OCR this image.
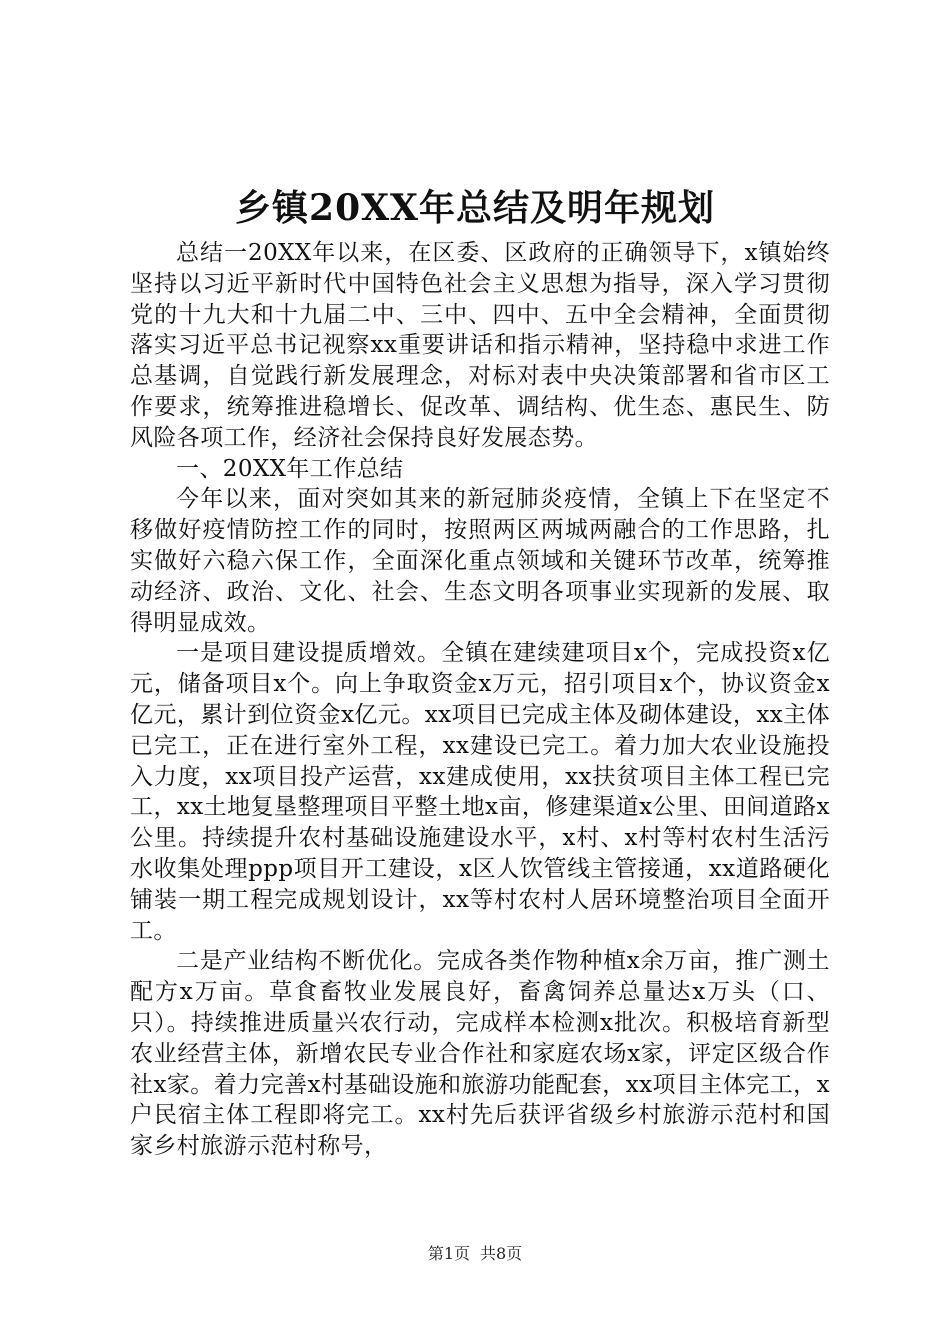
乡镇20XX年总结及明年规划

总结一20XX年以来，在区委、区政府的正确领导下，x镇始终坚持以习近平新时代中国特色社会主义思想为指导，深入学习贯彻党的十九大和十九届二中、三中、四中、五中全会精神，全面贯彻落实习近平总书记视察xx重要讲话和指示精神，坚持稳中求进工作总基调，自觉践行新发展理念，对标对表中央决策部署和省市区工作要求，统筹推进稳增长、促改革、调结构、优生态、惠民生、防风险各项工作，经济社会保持良好发展态势。

一、20XX年工作总结

今年以来，面对突如其来的新冠肺炎疫情，全镇上下在坚定不移做好疫情防控工作的同时，按照两区两城两融合的工作思路，扎实做好六稳六保工作，全面深化重点领域和关键环节改革，统筹推动经济、政治、文化、社会、生态文明各项事业实现新的发展、取得明显成效。

一是项目建设提质增效。全镇在建续建项目x个，完成投资x亿元，储备项目x个。向上争取资金x万元，招引项目x个，协议资金x亿元，累计到位资金x亿元。xx项目已完成主体及砌体建设，xx主体已完工，正在进行室外工程，xx建设已完工。着力加大农业设施投入力度，xx项目投产运营，xx建成使用，xx扶贫项目主体工程已完工，xx土地复垦整理项目平整土地x亩，修建渠道x公里、田间道路x公里。持续提升农村基础设施建设水平，x村、x村等村农村生活污水收集处理ppp项目开工建设，x区人饮管线主管接通，xx道路硬化铺装一期工程完成规划设计，xx等村农村人居环境整治项目全面开工。

二是产业结构不断优化。完成各类作物种植x余万亩，推广测土配方x万亩。草食畜牧业发展良好，畜禽饲养总量达x万头（口、只）。持续推进质量兴农行动，完成样本检测x批次。积极培育新型农业经营主体，新增农民专业合作社和家庭农场x家，评定区级合作社x家。着力完善x村基础设施和旅游功能配套，xx项目主体完工，x户民宿主体工程即将完工。xx村先后获评省级乡村旅游示范村和国家乡村旅游示范村称号，

第1页 共8页
